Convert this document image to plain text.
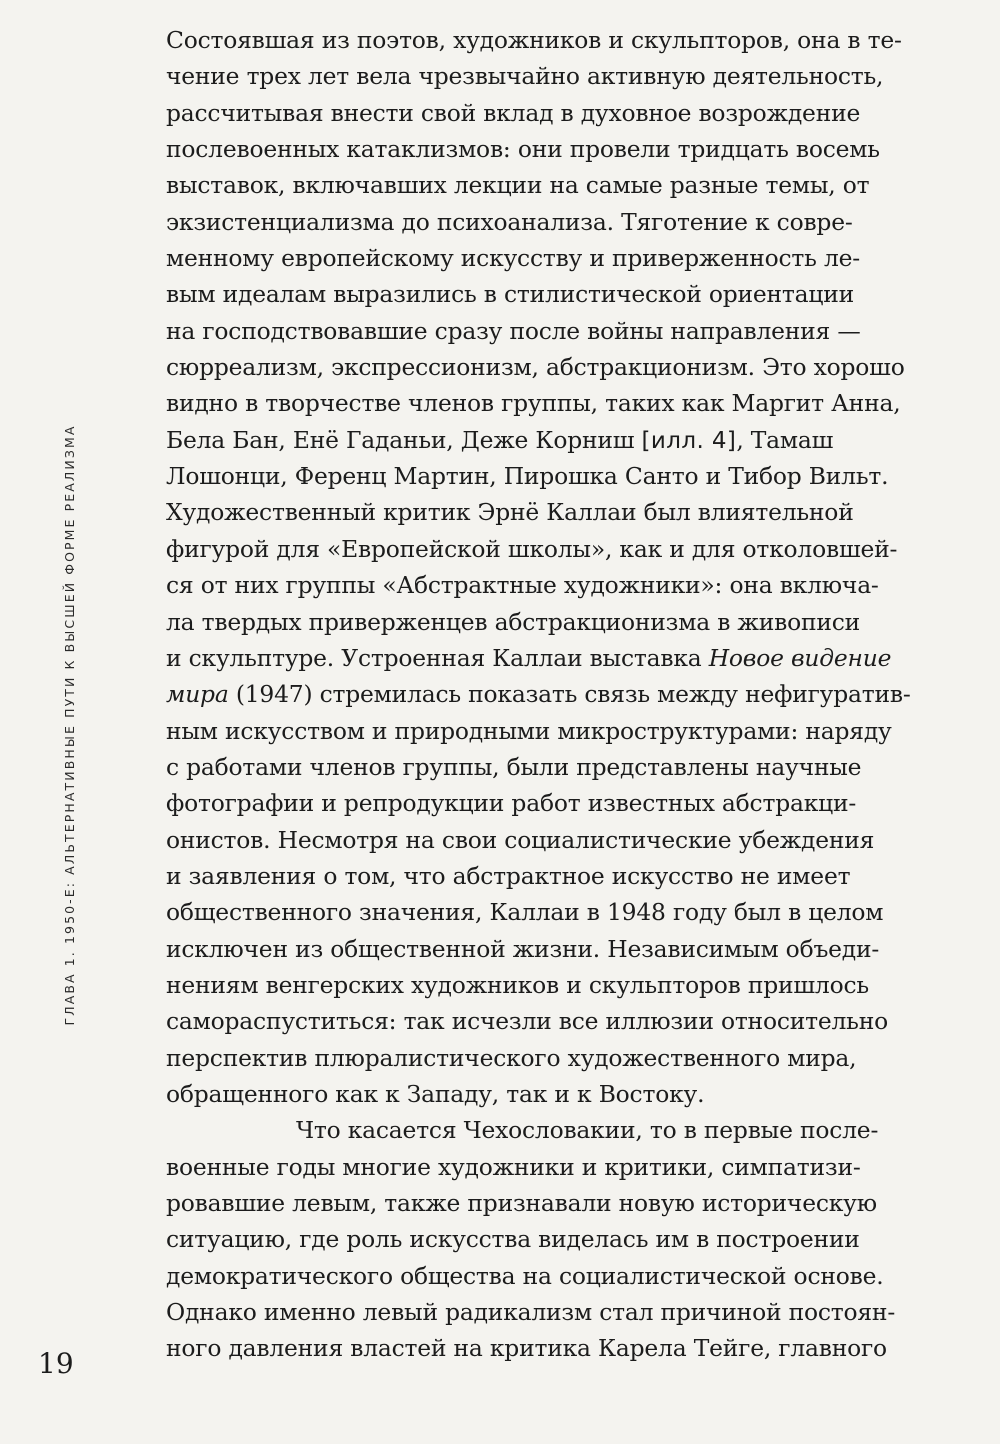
ГЛАВА 1. 1950-Е: АЛЬТЕРНАТИВНЫЕ ПУТИ К ВЫСШЕЙ ФОРМЕ РЕАЛИЗМА
Состоявшая из поэтов, художников и скульпторов, она в те-
чение трех лет вела чрезвычайно активную деятельность,
рассчитывая внести свой вклад в духовное возрождение
послевоенных катаклизмов: они провели тридцать восемь
выставок, включавших лекции на самые разные темы, от
экзистенциализма до психоанализа. Тяготение к совре-
менному европейскому искусству и приверженность ле-
вым идеалам выразились в стилистической ориентации
на господствовавшие сразу после войны направления —
сюрреализм, экспрессионизм, абстракционизм. Это хорошо
видно в творчестве членов группы, таких как Маргит Анна,
Бела Бан, Енё Гаданьи, Деже Корниш [илл. 4], Тамаш
Лошонци, Ференц Мартин, Пирошка Санто и Тибор Вильт.
Художественный критик Эрнё Каллаи был влиятельной
фигурой для «Европейской школы», как и для отколовшей-
ся от них группы «Абстрактные художники»: она включа-
ла твердых приверженцев абстракционизма в живописи
и скульптуре. Устроенная Каллаи выставка Новое видение
мира (1947) стремилась показать связь между нефигуратив-
ным искусством и природными микроструктурами: наряду
с работами членов группы, были представлены научные
фотографии и репродукции работ известных абстракци-
онистов. Несмотря на свои социалистические убеждения
и заявления о том, что абстрактное искусство не имеет
общественного значения, Каллаи в 1948 году был в целом
исключен из общественной жизни. Независимым объеди-
нениям венгерских художников и скульпторов пришлось
самораспуститься: так исчезли все иллюзии относительно
перспектив плюралистического художественного мира,
обращенного как к Западу, так и к Востоку.
Что касается Чехословакии, то в первые после-
военные годы многие художники и критики, симпатизи-
ровавшие левым, также признавали новую историческую
ситуацию, где роль искусства виделась им в построении
демократического общества на социалистической основе.
Однако именно левый радикализм стал причиной постоян-
ного давления властей на критика Карела Тейге, главного
19
